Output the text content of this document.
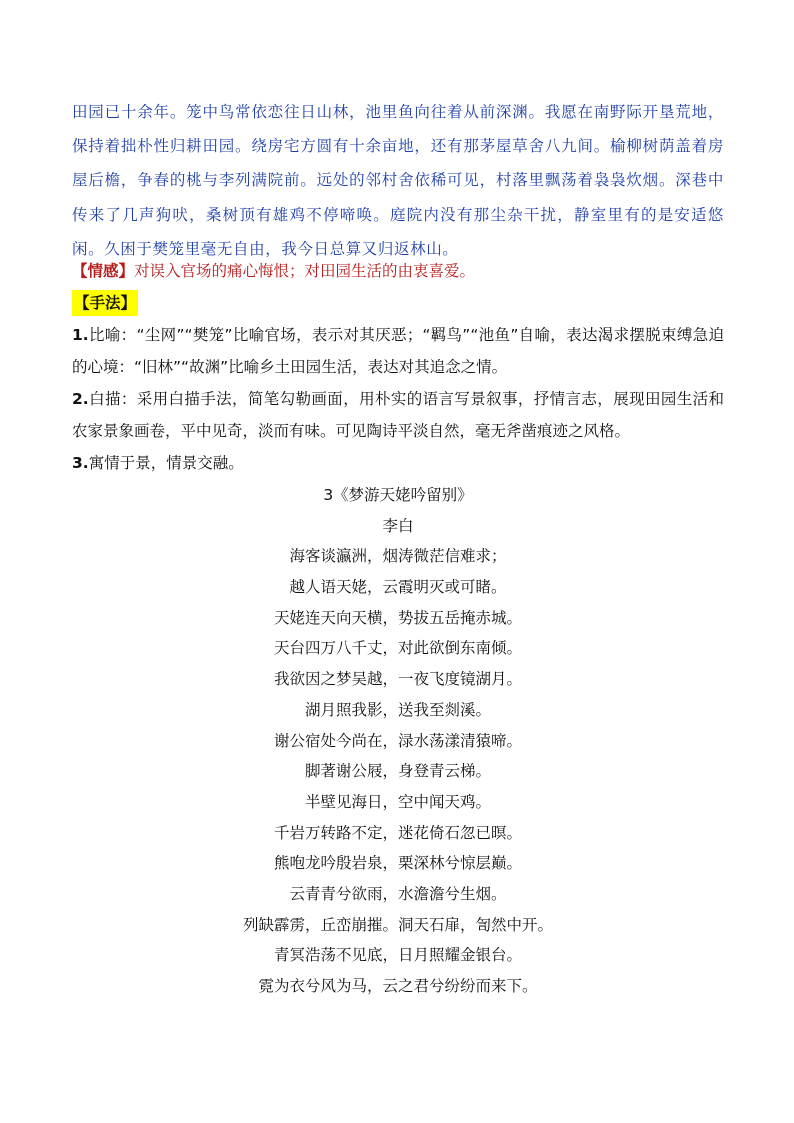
田园已十余年。笼中鸟常依恋往日山林，池里鱼向往着从前深渊。我愿在南野际开垦荒地，保持着拙朴性归耕田园。绕房宅方圆有十余亩地，还有那茅屋草舍八九间。榆柳树荫盖着房屋后檐，争春的桃与李列满院前。远处的邻村舍依稀可见，村落里飘荡着袅袅炊烟。深巷中传来了几声狗吠，桑树顶有雄鸡不停啼唤。庭院内没有那尘杂干扰，静室里有的是安适悠闲。久困于樊笼里毫无自由，我今日总算又归返林山。
【情感】对误入官场的痛心悔恨；对田园生活的由衷喜爱。
【手法】
1.比喻：“尘网”“樊笼”比喻官场，表示对其厌恶；“羁鸟”“池鱼”自喻，表达渴求摆脱束缚急迫的心境：“旧林”“故渊”比喻乡土田园生活，表达对其追念之情。
2.白描：采用白描手法，简笔勾勒画面，用朴实的语言写景叙事，抒情言志，展现田园生活和农家景象画卷，平中见奇，淡而有味。可见陶诗平淡自然，毫无斧凿痕迹之风格。
3.寓情于景，情景交融。
3《梦游天姥吟留别》
李白
海客谈瀛洲，烟涛微茫信难求；
越人语天姥，云霞明灭或可睹。
天姥连天向天横，势拔五岳掩赤城。
天台四万八千丈，对此欲倒东南倾。
我欲因之梦吴越，一夜飞度镜湖月。
湖月照我影，送我至剡溪。
谢公宿处今尚在，渌水荡漾清猿啼。
脚著谢公屐，身登青云梯。
半壁见海日，空中闻天鸡。
千岩万转路不定，迷花倚石忽已暝。
熊咆龙吟殷岩泉，栗深林兮惊层巅。
云青青兮欲雨，水澹澹兮生烟。
列缺霹雳，丘峦崩摧。洞天石扉，訇然中开。
青冥浩荡不见底，日月照耀金银台。
霓为衣兮风为马，云之君兮纷纷而来下。
